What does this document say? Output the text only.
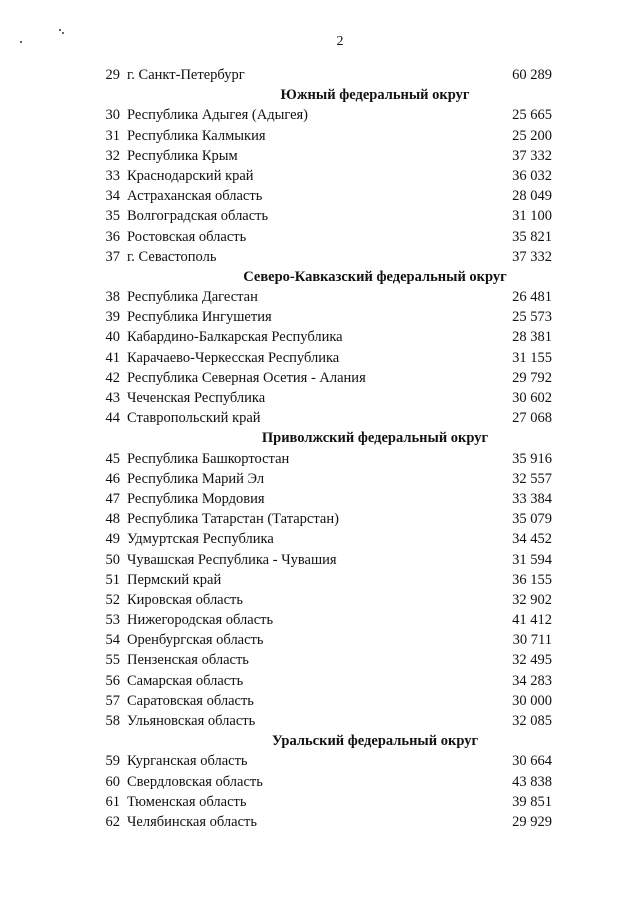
2
29 г. Санкт-Петербург	60 289
Южный федеральный округ
30 Республика Адыгея (Адыгея)	25 665
31 Республика Калмыкия	25 200
32 Республика Крым	37 332
33 Краснодарский край	36 032
34 Астраханская область	28 049
35 Волгоградская область	31 100
36 Ростовская область	35 821
37 г. Севастополь	37 332
Северо-Кавказский федеральный округ
38 Республика Дагестан	26 481
39 Республика Ингушетия	25 573
40 Кабардино-Балкарская Республика	28 381
41 Карачаево-Черкесская Республика	31 155
42 Республика Северная Осетия - Алания	29 792
43 Чеченская Республика	30 602
44 Ставропольский край	27 068
Приволжский федеральный округ
45 Республика Башкортостан	35 916
46 Республика Марий Эл	32 557
47 Республика Мордовия	33 384
48 Республика Татарстан (Татарстан)	35 079
49 Удмуртская Республика	34 452
50 Чувашская Республика - Чувашия	31 594
51 Пермский край	36 155
52 Кировская область	32 902
53 Нижегородская область	41 412
54 Оренбургская область	30 711
55 Пензенская область	32 495
56 Самарская область	34 283
57 Саратовская область	30 000
58 Ульяновская область	32 085
Уральский федеральный округ
59 Курганская область	30 664
60 Свердловская область	43 838
61 Тюменская область	39 851
62 Челябинская область	29 929
